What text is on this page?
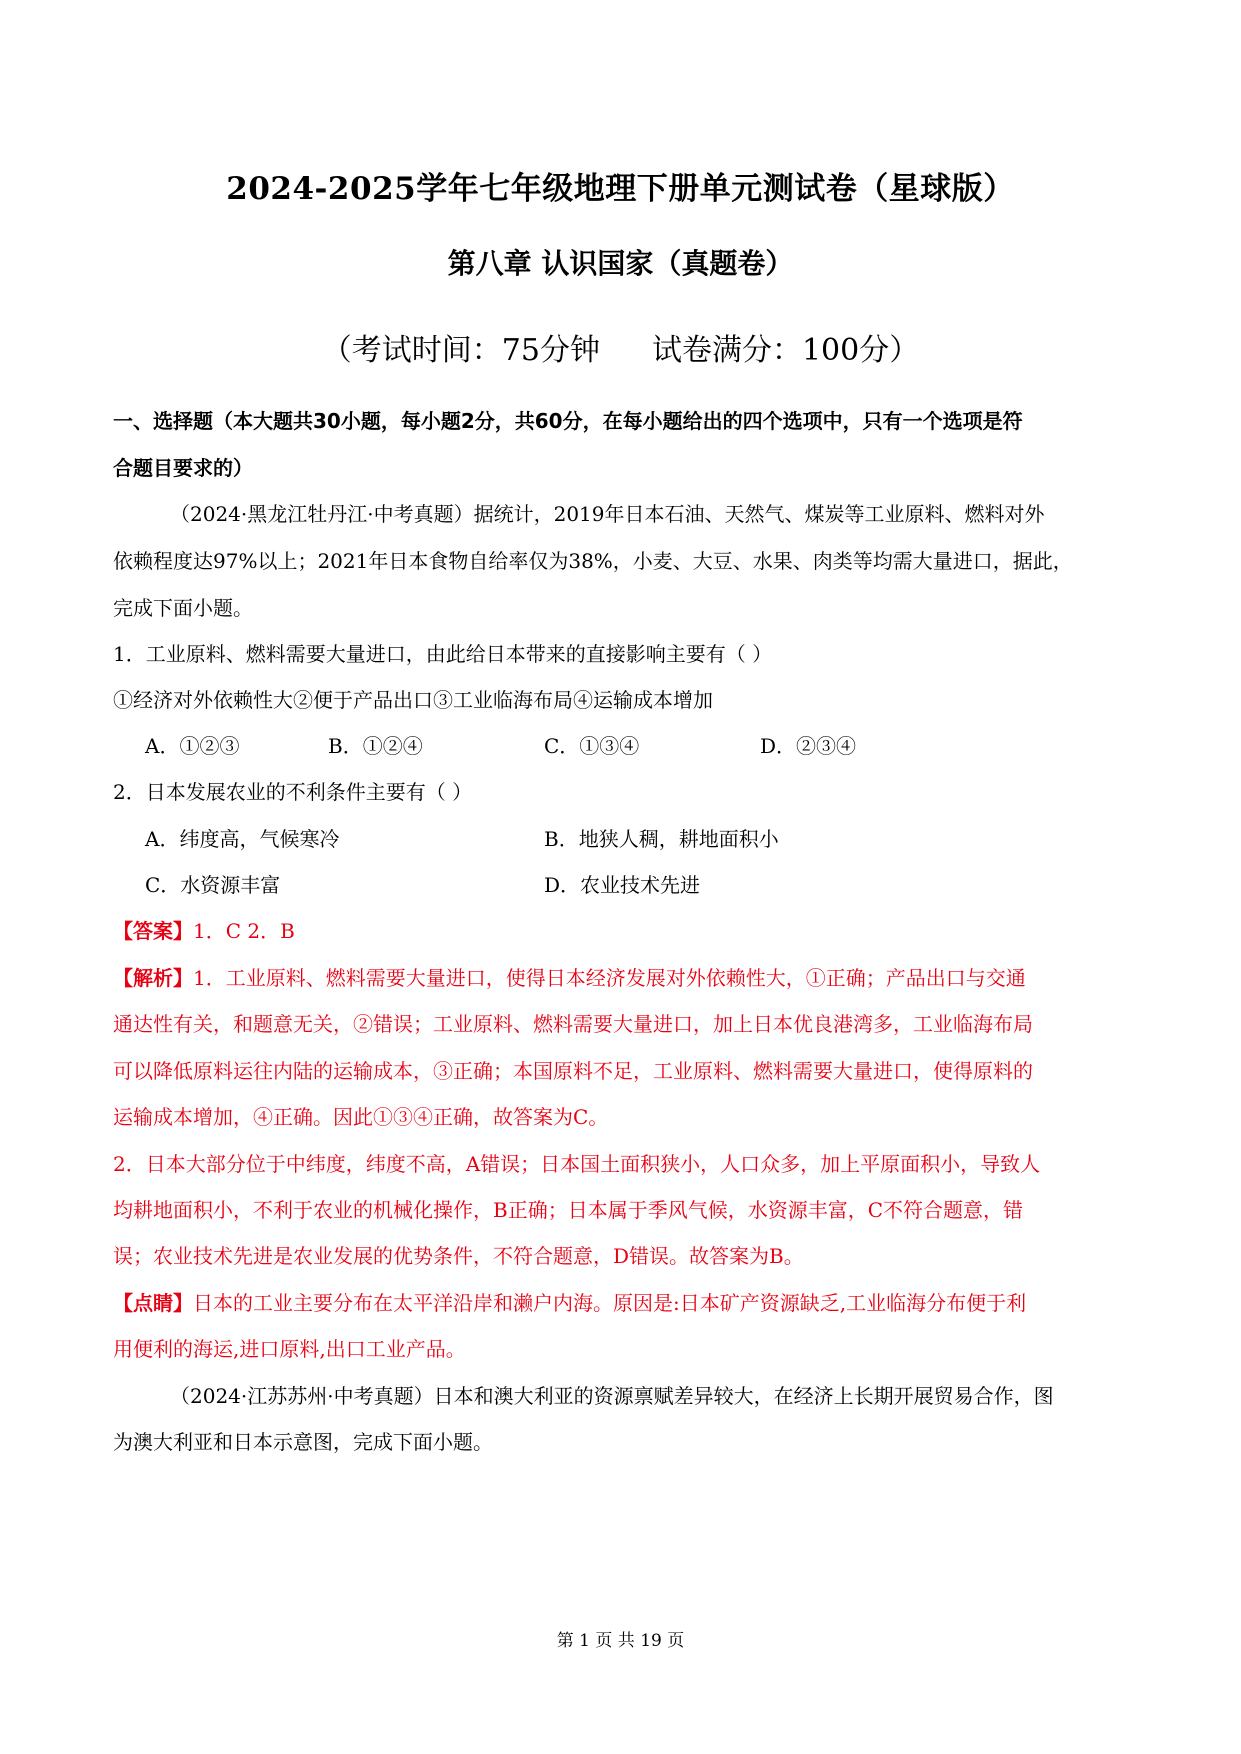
2024-2025学年七年级地理下册单元测试卷（星球版）
第八章 认识国家（真题卷）
（考试时间：75分钟 试卷满分：100分）
一、选择题（本大题共30小题，每小题2分，共60分，在每小题给出的四个选项中，只有一个选项是符
合题目要求的）
（2024·黑龙江牡丹江·中考真题）据统计，2019年日本石油、天然气、煤炭等工业原料、燃料对外
依赖程度达97%以上；2021年日本食物自给率仅为38%，小麦、大豆、水果、肉类等均需大量进口，据此，
完成下面小题。
1．工业原料、燃料需要大量进口，由此给日本带来的直接影响主要有（ ）
①经济对外依赖性大②便于产品出口③工业临海布局④运输成本增加
A．①②③	B．①②④	C．①③④	D．②③④
2．日本发展农业的不利条件主要有（ ）
A．纬度高，气候寒冷	B．地狭人稠，耕地面积小
C．水资源丰富	D．农业技术先进
【答案】1．C 2．B
【解析】1．工业原料、燃料需要大量进口，使得日本经济发展对外依赖性大，①正确；产品出口与交通
通达性有关，和题意无关，②错误；工业原料、燃料需要大量进口，加上日本优良港湾多，工业临海布局
可以降低原料运往内陆的运输成本，③正确；本国原料不足，工业原料、燃料需要大量进口，使得原料的
运输成本增加，④正确。因此①③④正确，故答案为C。
2．日本大部分位于中纬度，纬度不高，A错误；日本国土面积狭小，人口众多，加上平原面积小，导致人
均耕地面积小，不利于农业的机械化操作，B正确；日本属于季风气候，水资源丰富，C不符合题意，错
误；农业技术先进是农业发展的优势条件，不符合题意，D错误。故答案为B。
【点睛】日本的工业主要分布在太平洋沿岸和濑户内海。原因是:日本矿产资源缺乏,工业临海分布便于利
用便利的海运,进口原料,出口工业产品。
（2024·江苏苏州·中考真题）日本和澳大利亚的资源禀赋差异较大，在经济上长期开展贸易合作，图
为澳大利亚和日本示意图，完成下面小题。
第 1 页 共 19 页
